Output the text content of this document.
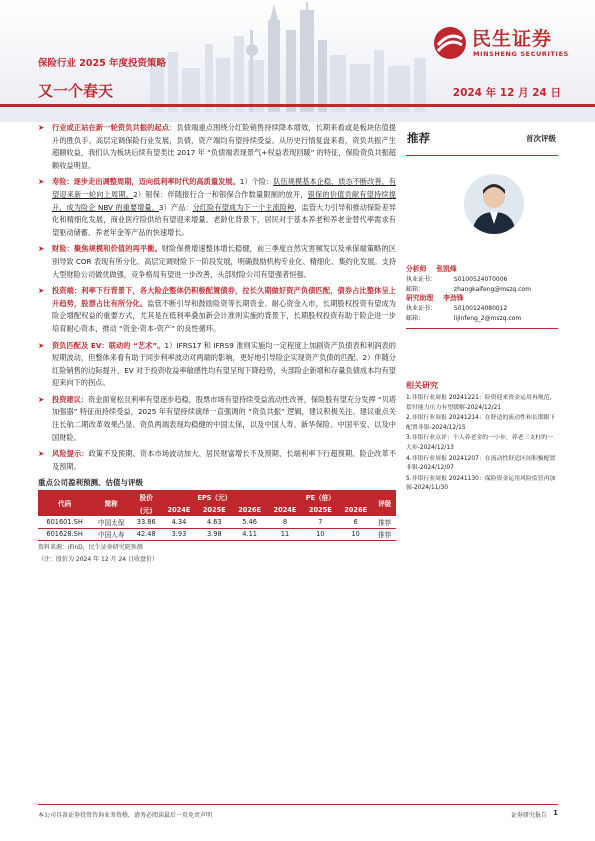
民生证券
MINSHENG SECURITIES
保险行业 2025 年度投资策略
又一个春天	2024 年 12 月 24 日
➤ 行业或正站在新一轮资负共振的起点：负债端重点围绕分红险销售持续降本增效，长期来看或是板块估值提升的胜负手。高层定调保险行业发展，负债、资产端均有望持续受益。从历史行情复盘来看，资负共振产生超额收益，我们认为板块后续有望类比 2017 年 “负债端表现景气+权益表现回暖” 的特征，保险资负共振超额收益明显。
➤ 寿险：逐步走出调整周期，迈向低利率时代的高质量发展。1）个险：队伍规模基本企稳，质态不断改善，有望迎来新一轮向上周期。2）银保：伴随报行合一和银保合作数量限制的放开，银保的价值贡献有望持续提升，成为险企 NBV 的重要增量。3）产品：分红险有望成为下一个主流险种，监管大力引导和推动保险差异化和精细化发展，商业医疗险供给有望迎来增量。老龄化背景下，居民对于基本养老和养老金替代率需求有望驱动储蓄、养老年金等产品的快速增长。
➤ 财险：聚焦规模和价值的再平衡。财险保费增速整体增长稳健，前三季度自然灾害频发以及承保端策略的区别导致 COR 表现有所分化。高层定调财险下一阶段发展，明确鼓励机构专业化、精细化、集约化发展。支持大型财险公司做优做强，竞争格局有望进一步改善，头部财险公司有望强者恒强。
➤ 投资端：利率下行背景下，各大险企整体仍积极配置债券，拉长久期做好资产负债匹配，债券占比整体呈上升趋势，股票占比有所分化。监管不断引导和鼓励险资等长期资金、耐心资金入市，长期股权投资有望成为险企增配权益的重要方式，尤其是在低利率叠加新会计准则实施的背景下，长期股权投资有助于险企进一步培育耐心资本，推动 “资金-资本-资产” 的良性循环。
➤ 资负匹配及 EV：联动的 “艺术”。1）IFRS17 和 IFRS9 准则实施均一定程度上加剧资产负债表和利润表的短期波动，但整体来看有助于同步利率波动对两端的影响，更好地引导险企实现资产负债的匹配。2）伴随分红险销售的边际提升，EV 对于投资收益率敏感性均有望呈现下降趋势，头部险企新增和存量负债成本均有望迎来向下的拐点。
➤ 投资建议：资金面宽松且利率有望逐步趋稳，股票市场有望持续受益流动性改善，保险股有望充分发挥 “贝塔加强器” 特征而持续受益，2025 年有望持续演绎一直强调的 “资负共振” 逻辑，建议积极关注。建议重点关注长航二期改革效果凸显、资负两端表现均稳健的中国太保，以及中国人寿、新华保险、中国平安、以及中国财险。
➤ 风险提示：政策不及预期、资本市场波动加大、居民财富增长不及预期、长端利率下行超预期、险企改革不及预期。
重点公司盈利预测、估值与评级
代码	简称	股价	EPS（元）			PE（倍）			评级
		(元)	2024E	2025E	2026E	2024E	2025E	2026E	
601601.SH	中国太保	33.86	4.34	4.63	5.46	8	7	6	推荐
601628.SH	中国人寿	42.48	3.93	3.98	4.11	11	10	10	推荐
资料来源：iFinD，民生证券研究院预测
（注：股价为 2024 年 12 月 24 日收盘价）
推荐	首次评级
分析师 张凯烽
执业证书：	S0100524070006
邮箱：	zhangkaifeng@mszq.com
研究助理 李劲锋
执业证书：	S0100124080012
邮箱：	lijinfeng_2@mszq.com
相关研究
1.非银行业周报 20241221：险资迎来资金运用再规范，偿付能力压力有望缓解-2024/12/21
2.非银行业周报 20241214：在舒适的流动性和长期限下配置非银-2024/12/15
3.非银行业点评：个人养老金的一小步，养老三支柱的一大步-2024/12/13
4.非银行业周报 20241207：在流动性舒适区间积极配置非银-2024/12/07
5.非银行业周报 20241130：保险资金运用风险监管再加强-2024/11/30
本公司具备证券投资咨询业务资格，请务必阅读最后一页免责声明	证券研究报告 1
